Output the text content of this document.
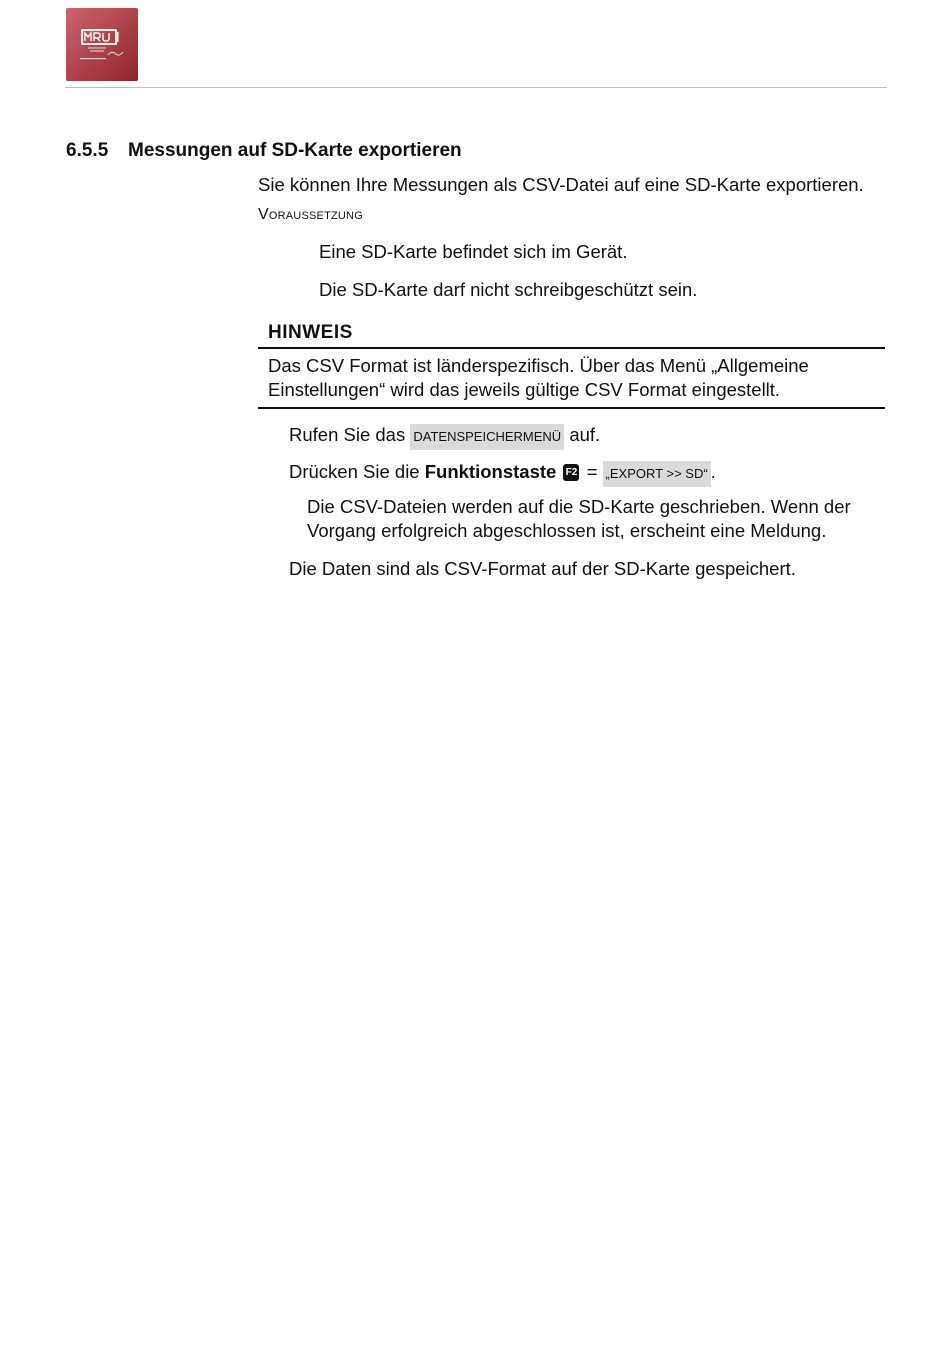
6.5.5 Messungen auf SD-Karte exportieren
Sie können Ihre Messungen als CSV-Datei auf eine SD-Karte exportieren.
Voraussetzung
Eine SD-Karte befindet sich im Gerät.
Die SD-Karte darf nicht schreibgeschützt sein.
HINWEIS
Das CSV Format ist länderspezifisch. Über das Menü „Allgemeine Einstellungen“ wird das jeweils gültige CSV Format eingestellt.
Rufen Sie das DATENSPEICHERMENÜ auf.
Drücken Sie die Funktionstaste F2 = „EXPORT >> SD“ .
Die CSV-Dateien werden auf die SD-Karte geschrieben. Wenn der Vorgang erfolgreich abgeschlossen ist, erscheint eine Meldung.
Die Daten sind als CSV-Format auf der SD-Karte gespeichert.
